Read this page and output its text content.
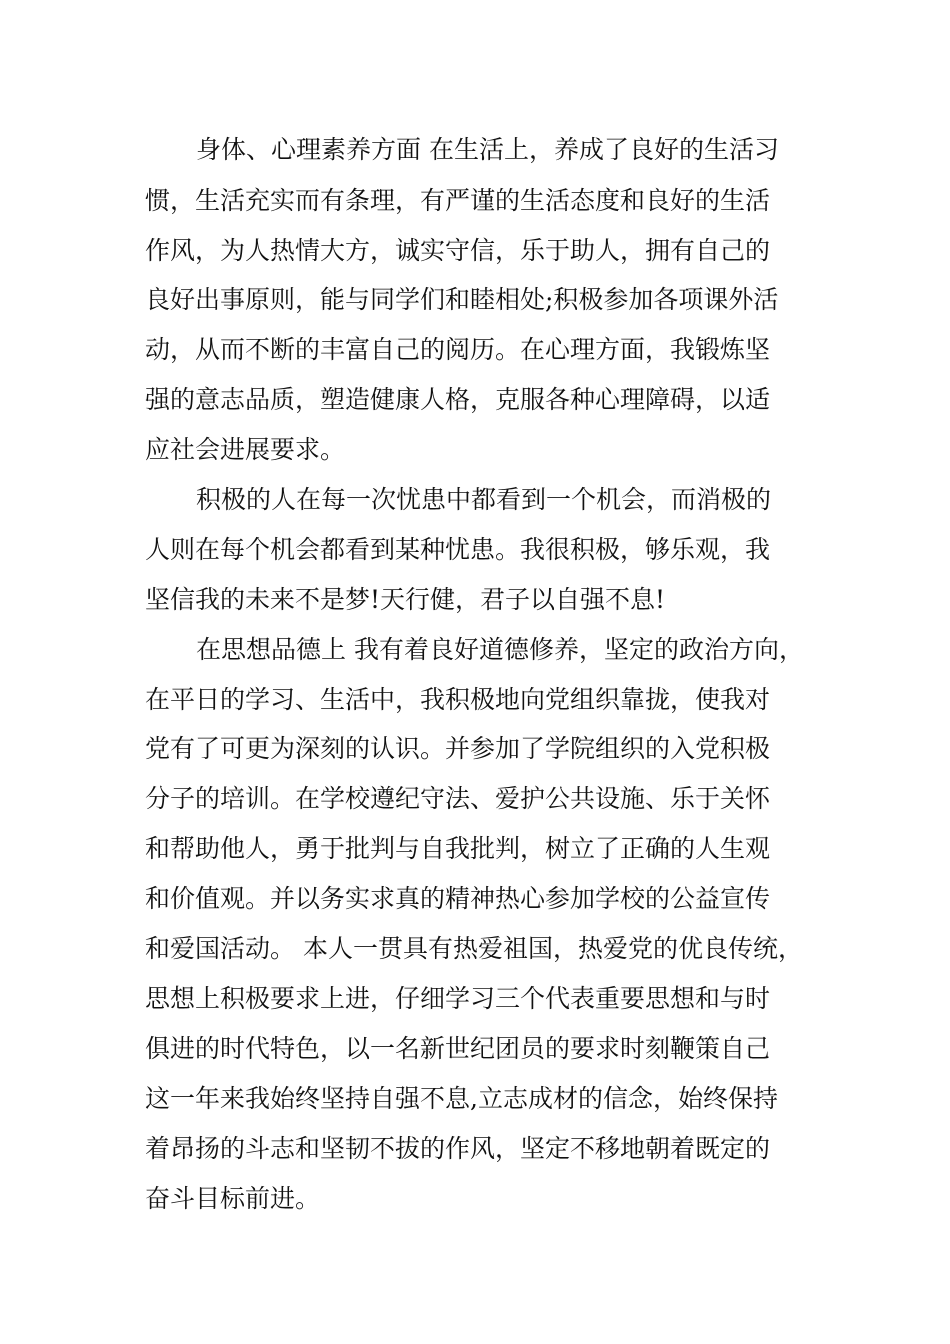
身体、心理素养方面 在生活上，养成了良好的生活习

惯，生活充实而有条理，有严谨的生活态度和良好的生活

作风，为人热情大方，诚实守信，乐于助人，拥有自己的

良好出事原则，能与同学们和睦相处;积极参加各项课外活

动，从而不断的丰富自己的阅历。在心理方面，我锻炼坚

强的意志品质，塑造健康人格，克服各种心理障碍，以适

应社会进展要求。

积极的人在每一次忧患中都看到一个机会，而消极的

人则在每个机会都看到某种忧患。我很积极，够乐观，我

坚信我的未来不是梦!天行健，君子以自强不息!

在思想品德上 我有着良好道德修养，坚定的政治方向，

在平日的学习、生活中，我积极地向党组织靠拢，使我对

党有了可更为深刻的认识。并参加了学院组织的入党积极

分子的培训。在学校遵纪守法、爱护公共设施、乐于关怀

和帮助他人，勇于批判与自我批判，树立了正确的人生观

和价值观。并以务实求真的精神热心参加学校的公益宣传

和爱国活动。 本人一贯具有热爱祖国，热爱党的优良传统，

思想上积极要求上进，仔细学习三个代表重要思想和与时

俱进的时代特色，以一名新世纪团员的要求时刻鞭策自己

这一年来我始终坚持自强不息,立志成材的信念，始终保持

着昂扬的斗志和坚韧不拔的作风，坚定不移地朝着既定的

奋斗目标前进。
